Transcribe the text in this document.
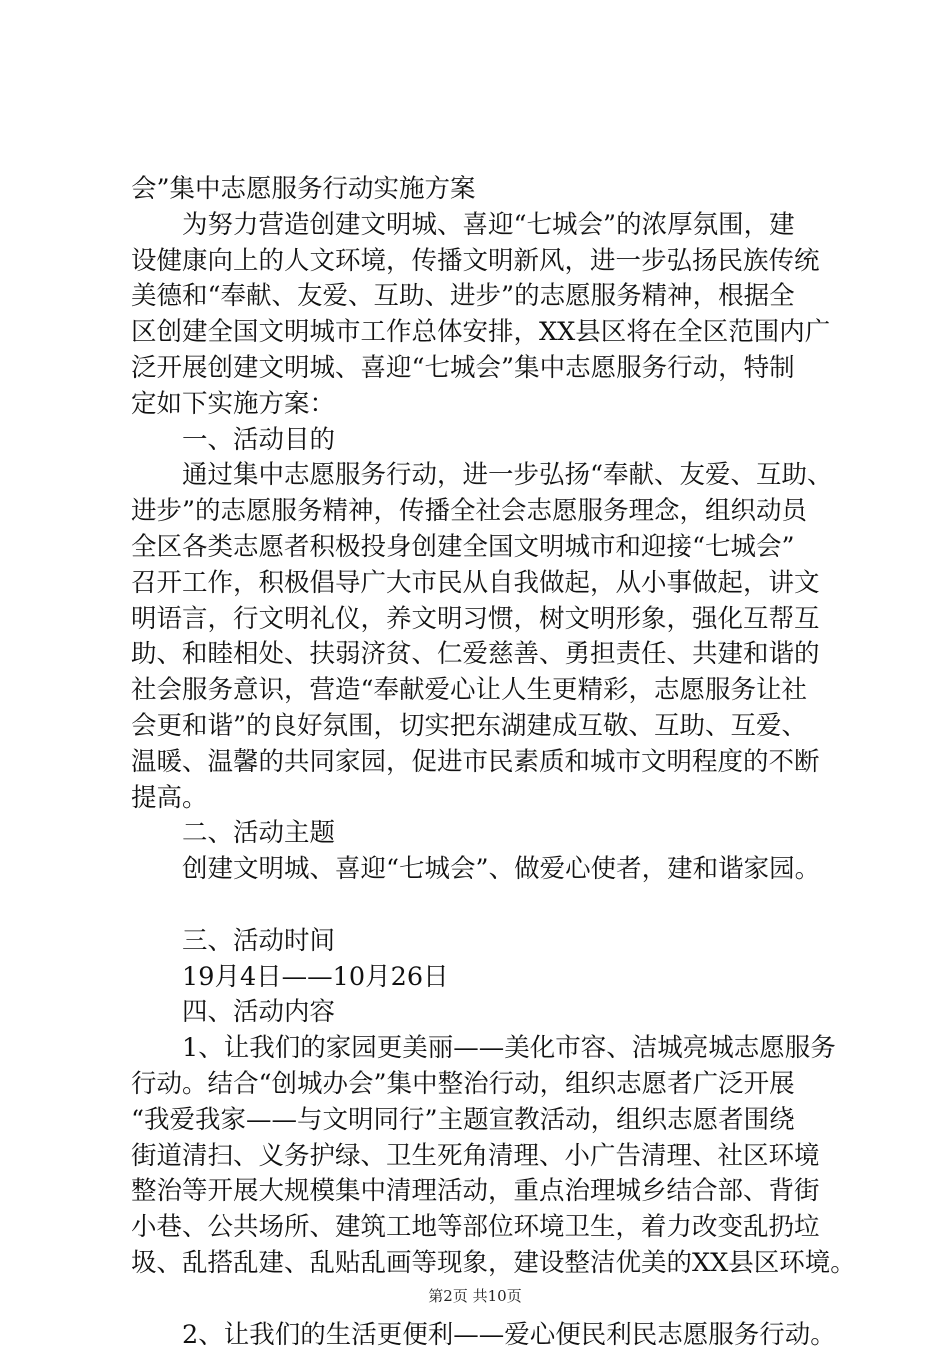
会”集中志愿服务行动实施方案
为努力营造创建文明城、喜迎“七城会”的浓厚氛围，建
设健康向上的人文环境，传播文明新风，进一步弘扬民族传统
美德和“奉献、友爱、互助、进步”的志愿服务精神，根据全
区创建全国文明城市工作总体安排，XX县区将在全区范围内广
泛开展创建文明城、喜迎“七城会”集中志愿服务行动，特制
定如下实施方案：
一、活动目的
通过集中志愿服务行动，进一步弘扬“奉献、友爱、互助、
进步”的志愿服务精神，传播全社会志愿服务理念，组织动员
全区各类志愿者积极投身创建全国文明城市和迎接“七城会”
召开工作，积极倡导广大市民从自我做起，从小事做起，讲文
明语言，行文明礼仪，养文明习惯，树文明形象，强化互帮互
助、和睦相处、扶弱济贫、仁爱慈善、勇担责任、共建和谐的
社会服务意识，营造“奉献爱心让人生更精彩，志愿服务让社
会更和谐”的良好氛围，切实把东湖建成互敬、互助、互爱、
温暖、温馨的共同家园，促进市民素质和城市文明程度的不断
提高。
二、活动主题
创建文明城、喜迎“七城会”、做爱心使者，建和谐家园。
三、活动时间
19月4日——10月26日
四、活动内容
1、让我们的家园更美丽——美化市容、洁城亮城志愿服务
行动。结合“创城办会”集中整治行动，组织志愿者广泛开展
“我爱我家——与文明同行”主题宣教活动，组织志愿者围绕
街道清扫、义务护绿、卫生死角清理、小广告清理、社区环境
整治等开展大规模集中清理活动，重点治理城乡结合部、背街
小巷、公共场所、建筑工地等部位环境卫生，着力改变乱扔垃
圾、乱搭乱建、乱贴乱画等现象，建设整洁优美的XX县区环境。
2、让我们的生活更便利——爱心便民利民志愿服务行动。
第2页 共10页
